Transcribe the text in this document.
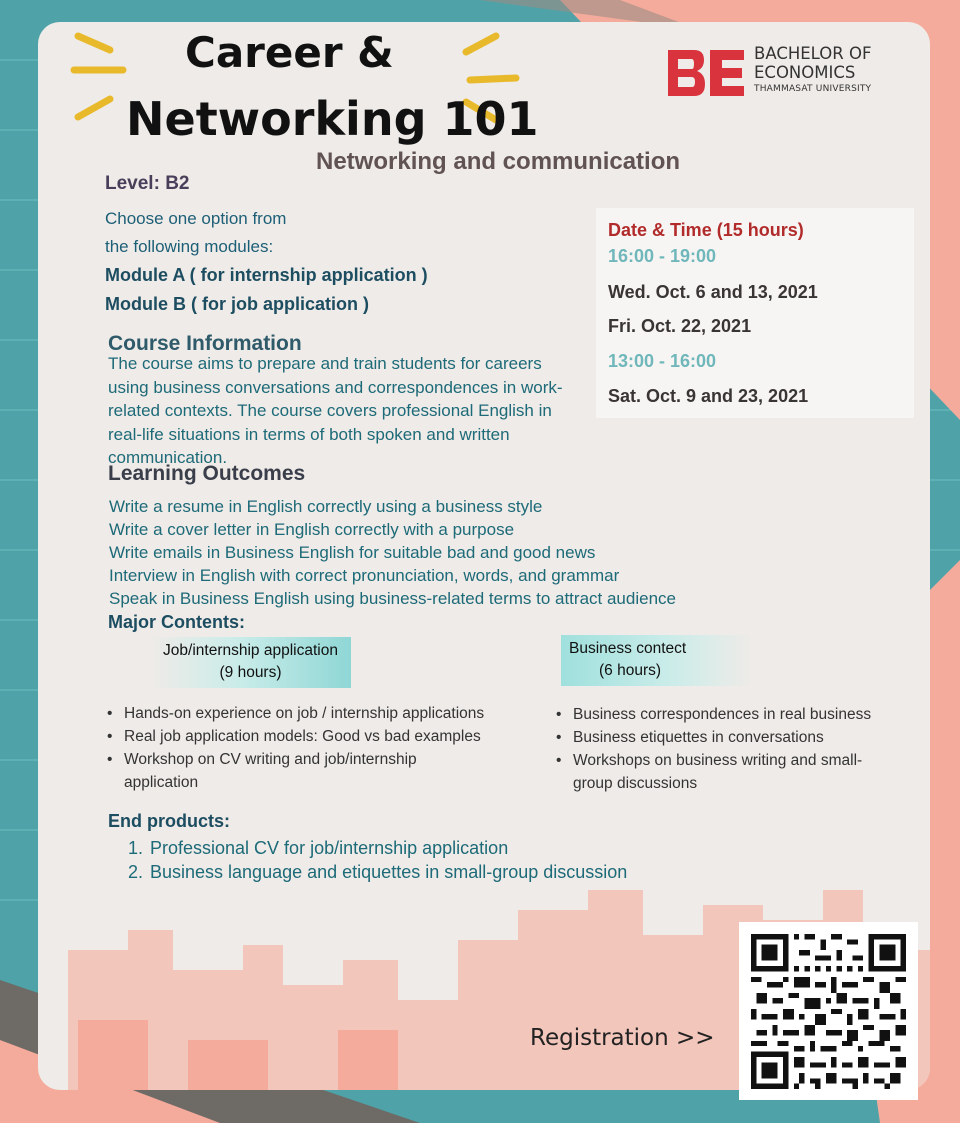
Career &
Networking 101
Networking and communication
BACHELOR OF
ECONOMICS
THAMMASAT UNIVERSITY
Level: B2
Choose one option from
the following modules:
Module A ( for internship application )
Module B ( for job application )
Date & Time (15 hours)
16:00 - 19:00
Wed. Oct. 6 and 13, 2021
Fri. Oct. 22, 2021
13:00 - 16:00
Sat. Oct. 9 and 23, 2021
Course Information
The course aims to prepare and train students for careers
using business conversations and correspondences in work-
related contexts. The course covers professional English in
real-life situations in terms of both spoken and written
communication.
Learning Outcomes
Write a resume in English correctly using a business style
Write a cover letter in English correctly with a purpose
Write emails in Business English for suitable bad and good news
Interview in English with correct pronunciation, words, and grammar
Speak in Business English using business-related terms to attract audience
Major Contents:
Job/internship application
(9 hours)
Business contect
(6 hours)
• Hands-on experience on job / internship applications
• Real job application models: Good vs bad examples
• Workshop on CV writing and job/internship application
• Business correspondences in real business
• Business etiquettes in conversations
• Workshops on business writing and small-group discussions
End products:
1. Professional CV for job/internship application
2. Business language and etiquettes in small-group discussion
Registration >>
